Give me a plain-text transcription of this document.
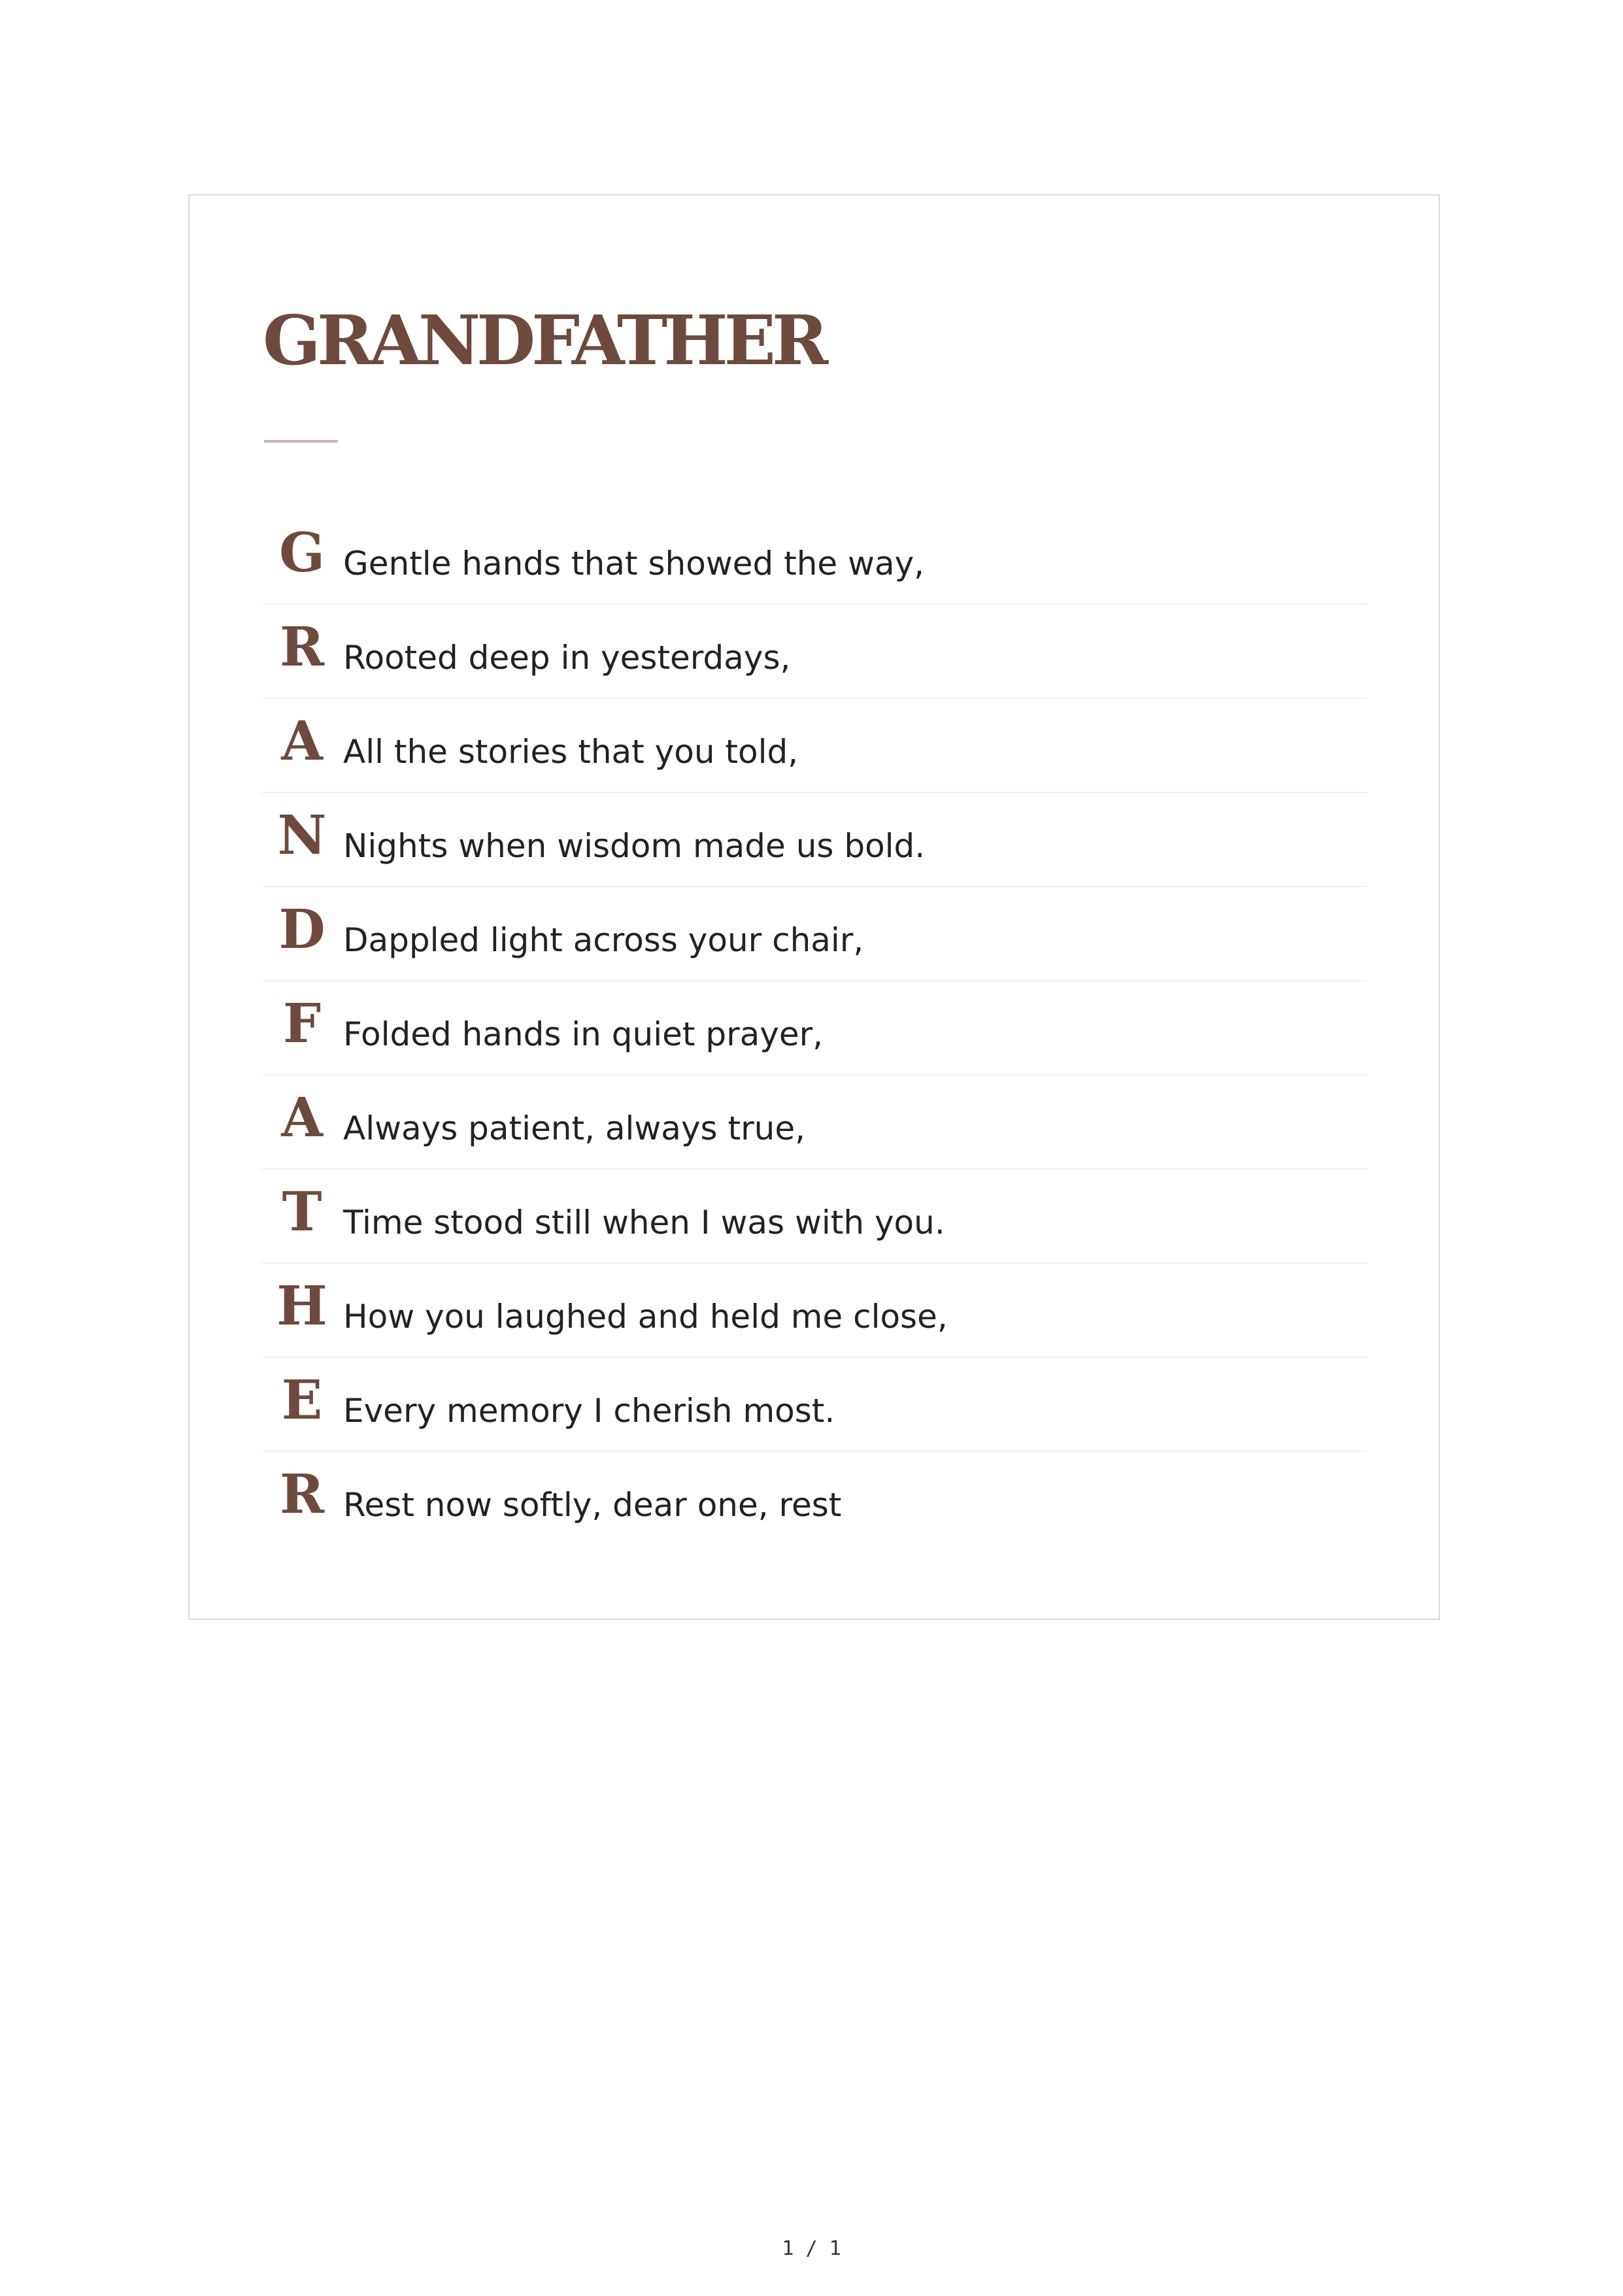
GRANDFATHER
G Gentle hands that showed the way,
R Rooted deep in yesterdays,
A All the stories that you told,
N Nights when wisdom made us bold.
D Dappled light across your chair,
F Folded hands in quiet prayer,
A Always patient, always true,
T Time stood still when I was with you.
H How you laughed and held me close,
E Every memory I cherish most.
R Rest now softly, dear one, rest
1 / 1
